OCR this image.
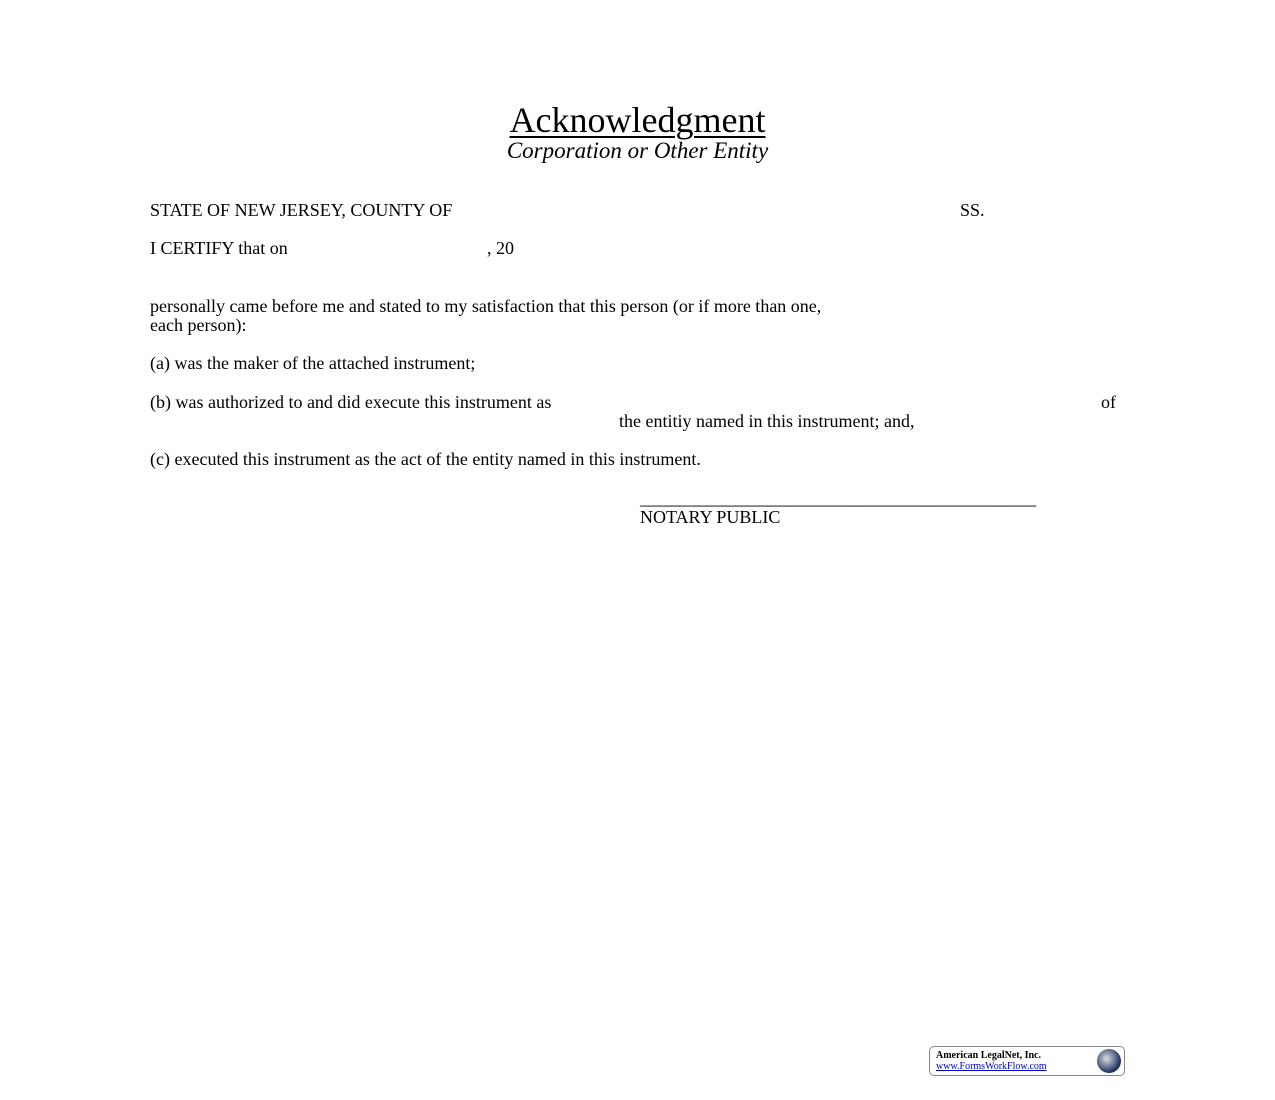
Acknowledgment
Corporation or Other Entity
STATE OF NEW JERSEY, COUNTY OF	SS.
I CERTIFY that on	, 20
personally came before me and stated to my satisfaction that this person (or if more than one,
each person):
(a) was the maker of the attached instrument;
(b) was authorized to and did execute this instrument as	of
the entitiy named in this instrument; and,
(c) executed this instrument as the act of the entity named in this instrument.
____________________________________________
NOTARY PUBLIC
American LegalNet, Inc.
www.FormsWorkFlow.com
